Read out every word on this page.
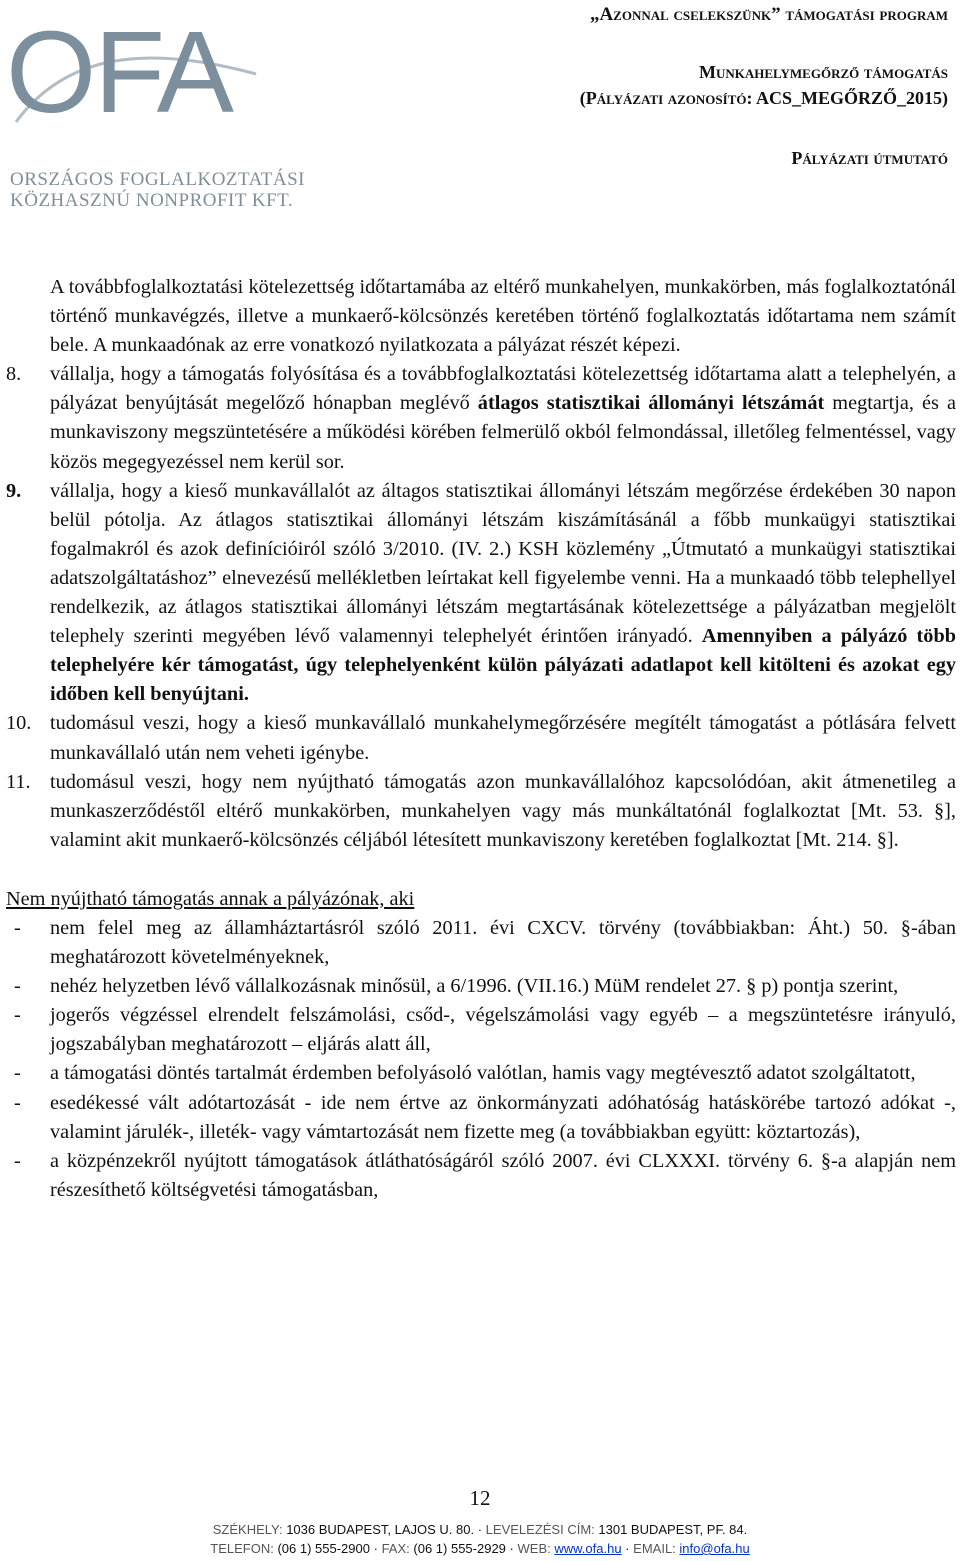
OFA
ORSZÁGOS FOGLALKOZTATÁSI
KÖZHASZNÚ NONPROFIT KFT.
„Azonnal cselekszünk” támogatási program
Munkahelymegőrző támogatás
(Pályázati azonosító: ACS_MEGŐRZŐ_2015)
Pályázati útmutató

A továbbfoglalkoztatási kötelezettség időtartamába az eltérő munkahelyen, munkakörben, más foglalkoztatónál történő munkavégzés, illetve a munkaerő-kölcsönzés keretében történő foglalkoztatás időtartama nem számít bele. A munkaadónak az erre vonatkozó nyilatkozata a pályázat részét képezi.

8. vállalja, hogy a támogatás folyósítása és a továbbfoglalkoztatási kötelezettség időtartama alatt a telephelyén, a pályázat benyújtását megelőző hónapban meglévő átlagos statisztikai állományi létszámát megtartja, és a munkaviszony megszüntetésére a működési körében felmerülő okból felmondással, illetőleg felmentéssel, vagy közös megegyezéssel nem kerül sor.
9. vállalja, hogy a kieső munkavállalót az áltagos statisztikai állományi létszám megőrzése érdekében 30 napon belül pótolja. Az átlagos statisztikai állományi létszám kiszámításánál a főbb munkaügyi statisztikai fogalmakról és azok definícióiról szóló 3/2010. (IV. 2.) KSH közlemény „Útmutató a munkaügyi statisztikai adatszolgáltatáshoz” elnevezésű mellékletben leírtakat kell figyelembe venni. Ha a munkaadó több telephellyel rendelkezik, az átlagos statisztikai állományi létszám megtartásának kötelezettsége a pályázatban megjelölt telephely szerinti megyében lévő valamennyi telephelyét érintően irányadó. Amennyiben a pályázó több telephelyére kér támogatást, úgy telephelyenként külön pályázati adatlapot kell kitölteni és azokat egy időben kell benyújtani.
10. tudomásul veszi, hogy a kieső munkavállaló munkahelymegőrzésére megítélt támogatást a pótlására felvett munkavállaló után nem veheti igénybe.
11. tudomásul veszi, hogy nem nyújtható támogatás azon munkavállalóhoz kapcsolódóan, akit átmenetileg a munkaszerződéstől eltérő munkakörben, munkahelyen vagy más munkáltatónál foglalkoztat [Mt. 53. §], valamint akit munkaerő-kölcsönzés céljából létesített munkaviszony keretében foglalkoztat [Mt. 214. §].

Nem nyújtható támogatás annak a pályázónak, aki

- nem felel meg az államháztartásról szóló 2011. évi CXCV. törvény (továbbiakban: Áht.) 50. §-ában meghatározott követelményeknek,
- nehéz helyzetben lévő vállalkozásnak minősül, a 6/1996. (VII.16.) MüM rendelet 27. § p) pontja szerint,
- jogerős végzéssel elrendelt felszámolási, csőd-, végelszámolási vagy egyéb – a megszüntetésre irányuló, jogszabályban meghatározott – eljárás alatt áll,
- a támogatási döntés tartalmát érdemben befolyásoló valótlan, hamis vagy megtévesztő adatot szolgáltatott,
- esedékessé vált adótartozását - ide nem értve az önkormányzati adóhatóság hatáskörébe tartozó adókat -, valamint járulék-, illeték- vagy vámtartozását nem fizette meg (a továbbiakban együtt: köztartozás),
- a közpénzekről nyújtott támogatások átláthatóságáról szóló 2007. évi CLXXXI. törvény 6. §-a alapján nem részesíthető költségvetési támogatásban,
12
SZÉKHELY: 1036 BUDAPEST, LAJOS U. 80. · LEVELEZÉSI CÍM: 1301 BUDAPEST, PF. 84.
TELEFON: (06 1) 555-2900 · FAX: (06 1) 555-2929 · WEB: www.ofa.hu · EMAIL: info@ofa.hu
